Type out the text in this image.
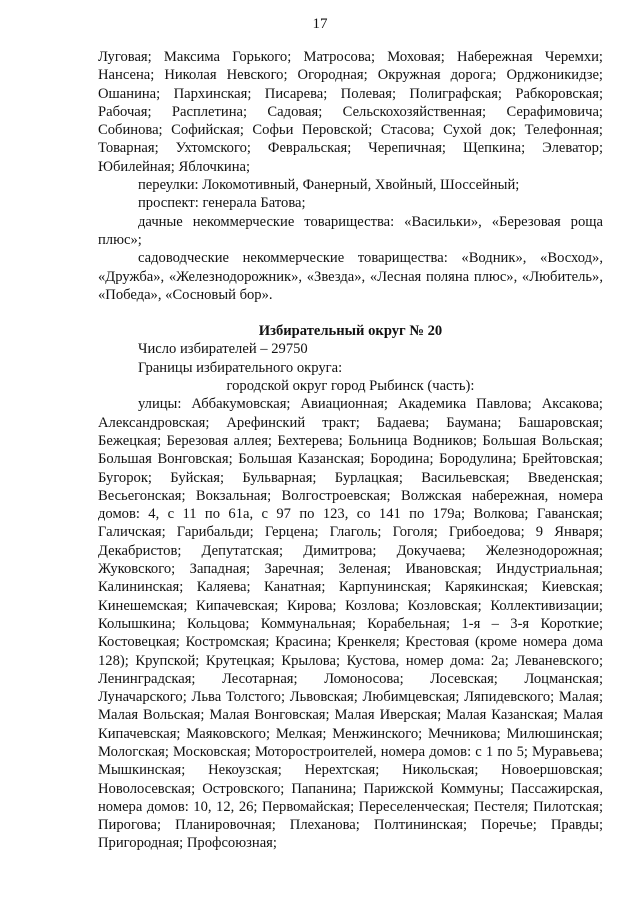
17

Луговая; Максима Горького; Матросова; Моховая; Набережная Черемхи; Нансена; Николая Невского; Огородная; Окружная дорога; Орджоникидзе; Ошанина; Пархинская; Писарева; Полевая; Полиграфская; Рабкоровская; Рабочая; Расплетина; Садовая; Сельскохозяйственная; Серафимовича; Собинова; Софийская; Софьи Перовской; Стасова; Сухой док; Телефонная; Товарная; Ухтомского; Февральская; Черепичная; Щепкина; Элеватор; Юбилейная; Яблочкина;

переулки: Локомотивный, Фанерный, Хвойный, Шоссейный;

проспект: генерала Батова;

дачные некоммерческие товарищества: «Васильки», «Березовая роща плюс»;

садоводческие некоммерческие товарищества: «Водник», «Восход», «Дружба», «Железнодорожник», «Звезда», «Лесная поляна плюс», «Любитель», «Победа», «Сосновый бор».

Избирательный округ № 20

Число избирателей – 29750

Границы избирательного округа:

городской округ город Рыбинск (часть):

улицы: Аббакумовская; Авиационная; Академика Павлова; Аксакова; Александровская; Арефинский тракт; Бадаева; Баумана; Башаровская; Бежецкая; Березовая аллея; Бехтерева; Больница Водников; Большая Вольская; Большая Вонговская; Большая Казанская; Бородина; Бородулина; Брейтовская; Бугорок; Буйская; Бульварная; Бурлацкая; Васильевская; Введенская; Весьегонская; Вокзальная; Волгостроевская; Волжская набережная, номера домов: 4, с 11 по 61а, с 97 по 123, со 141 по 179а; Волкова; Гаванская; Галичская; Гарибальди; Герцена; Глаголь; Гоголя; Грибоедова; 9 Января; Декабристов; Депутатская; Димитрова; Докучаева; Железнодорожная; Жуковского; Западная; Заречная; Зеленая; Ивановская; Индустриальная; Калининская; Каляева; Канатная; Карпунинская; Карякинская; Киевская; Кинешемская; Кипачевская; Кирова; Козлова; Козловская; Коллективизации; Колышкина; Кольцова; Коммунальная; Корабельная; 1-я – 3-я Короткие; Костовецкая; Костромская; Красина; Кренкеля; Крестовая (кроме номера дома 128); Крупской; Крутецкая; Крылова; Кустова, номер дома: 2а; Леваневского; Ленинградская; Лесотарная; Ломоносова; Лосевская; Лоцманская; Луначарского; Льва Толстого; Львовская; Любимцевская; Ляпидевского; Малая; Малая Вольская; Малая Вонговская; Малая Иверская; Малая Казанская; Малая Кипачевская; Маяковского; Мелкая; Менжинского; Мечникова; Милюшинская; Мологская; Московская; Моторостроителей, номера домов: с 1 по 5; Муравьева; Мышкинская; Некоузская; Нерехтская; Никольская; Новоершовская; Новолосевская; Островского; Папанина; Парижской Коммуны; Пассажирская, номера домов: 10, 12, 26; Первомайская; Переселенческая; Пестеля; Пилотская; Пирогова; Планировочная; Плеханова; Полтининская; Поречье; Правды; Пригородная; Профсоюзная;
